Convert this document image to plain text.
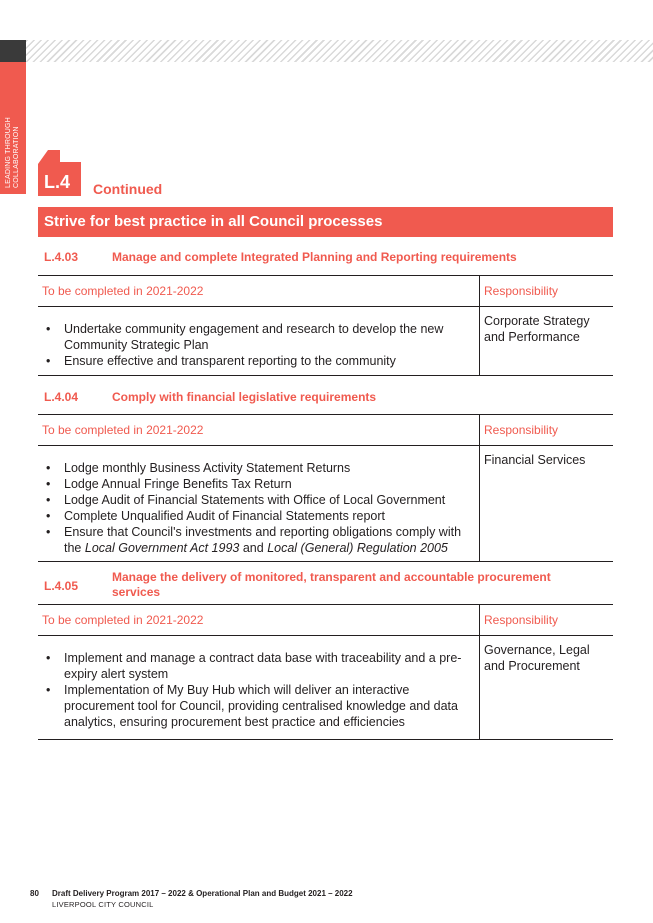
LEADING THROUGH
COLLABORATION L.4 Continued
Strive for best practice in all Council processes
L.4.03	Manage and complete Integrated Planning and Reporting requirements
To be completed in 2021-2022	Responsibility
• Undertake community engagement and research to develop the new Community Strategic Plan
• Ensure effective and transparent reporting to the community
Corporate Strategy and Performance
L.4.04	Comply with financial legislative requirements
To be completed in 2021-2022	Responsibility
• Lodge monthly Business Activity Statement Returns
• Lodge Annual Fringe Benefits Tax Return
• Lodge Audit of Financial Statements with Office of Local Government
• Complete Unqualified Audit of Financial Statements report
• Ensure that Council's investments and reporting obligations comply with the Local Government Act 1993 and Local (General) Regulation 2005
Financial Services
L.4.05
Manage the delivery of monitored, transparent and accountable procurement services
To be completed in 2021-2022	Responsibility
• Implement and manage a contract data base with traceability and a pre-expiry alert system
• Implementation of My Buy Hub which will deliver an interactive procurement tool for Council, providing centralised knowledge and data analytics, ensuring procurement best practice and efficiencies
Governance, Legal and Procurement
80 Draft Delivery Program 2017 – 2022 & Operational Plan and Budget 2021 – 2022
LIVERPOOL CITY COUNCIL
